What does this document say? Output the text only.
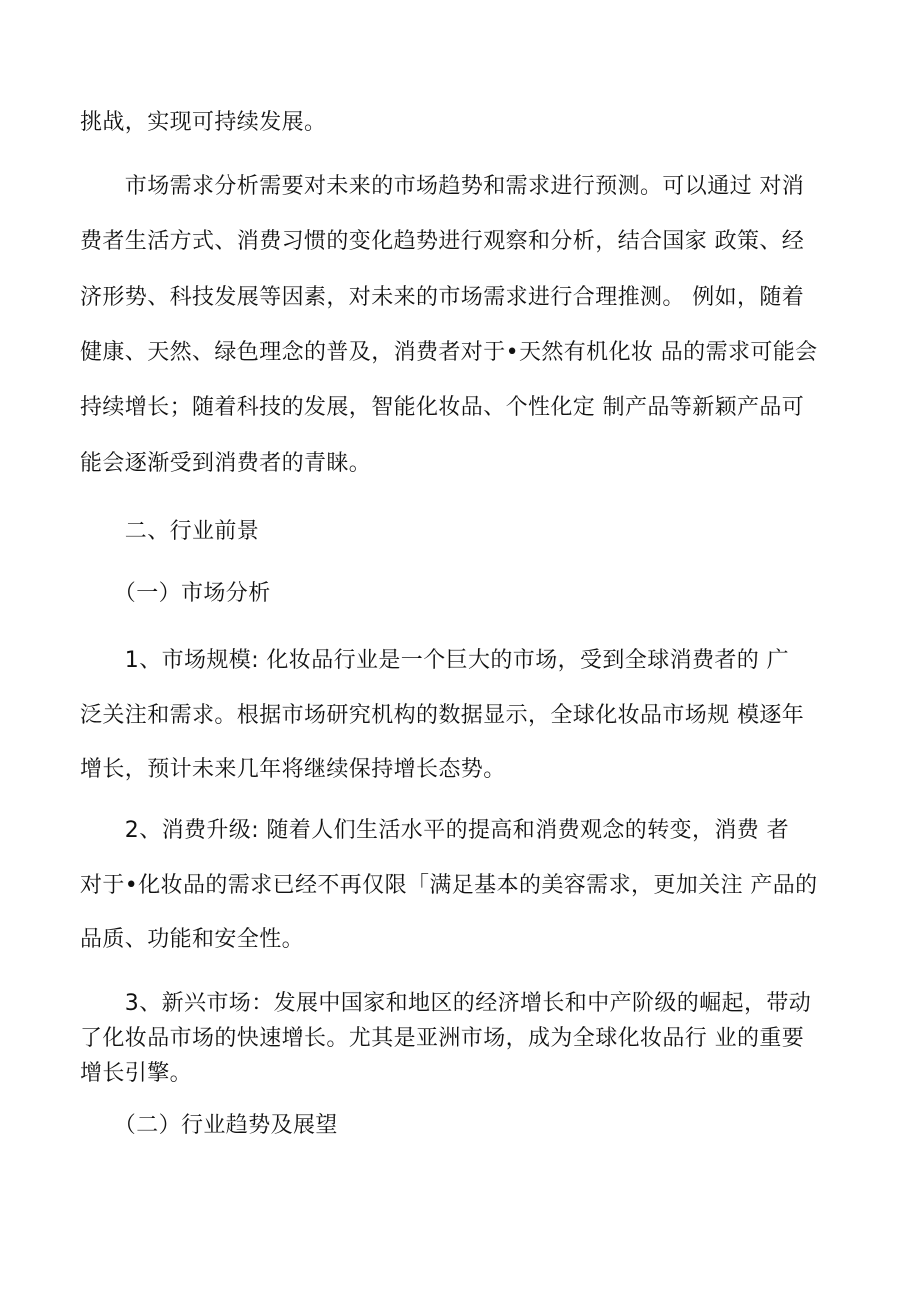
挑战，实现可持续发展。
　　市场需求分析需要对未来的市场趋势和需求进行预测。可以通过 对消
费者生活方式、消费习惯的变化趋势进行观察和分析，结合国家 政策、经
济形势、科技发展等因素，对未来的市场需求进行合理推测。 例如，随着
健康、天然、绿色理念的普及，消费者对于•天然有机化妆 品的需求可能会
持续增长；随着科技的发展，智能化妆品、个性化定 制产品等新颖产品可
能会逐渐受到消费者的青睐。
　　二、行业前景
　　（一）市场分析
　　1、市场规模: 化妆品行业是一个巨大的市场，受到全球消费者的 广
泛关注和需求。根据市场研究机构的数据显示，全球化妆品市场规 模逐年
增长，预计未来几年将继续保持增长态势。
　　2、消费升级: 随着人们生活水平的提高和消费观念的转变，消费 者
对于•化妆品的需求已经不再仅限「满足基本的美容需求，更加关注 产品的
品质、功能和安全性。
　　3、新兴市场：发展中国家和地区的经济增长和中产阶级的崛起，带动
了化妆品市场的快速增长。尤其是亚洲市场，成为全球化妆品行 业的重要
增长引擎。
　　（二）行业趋势及展望
